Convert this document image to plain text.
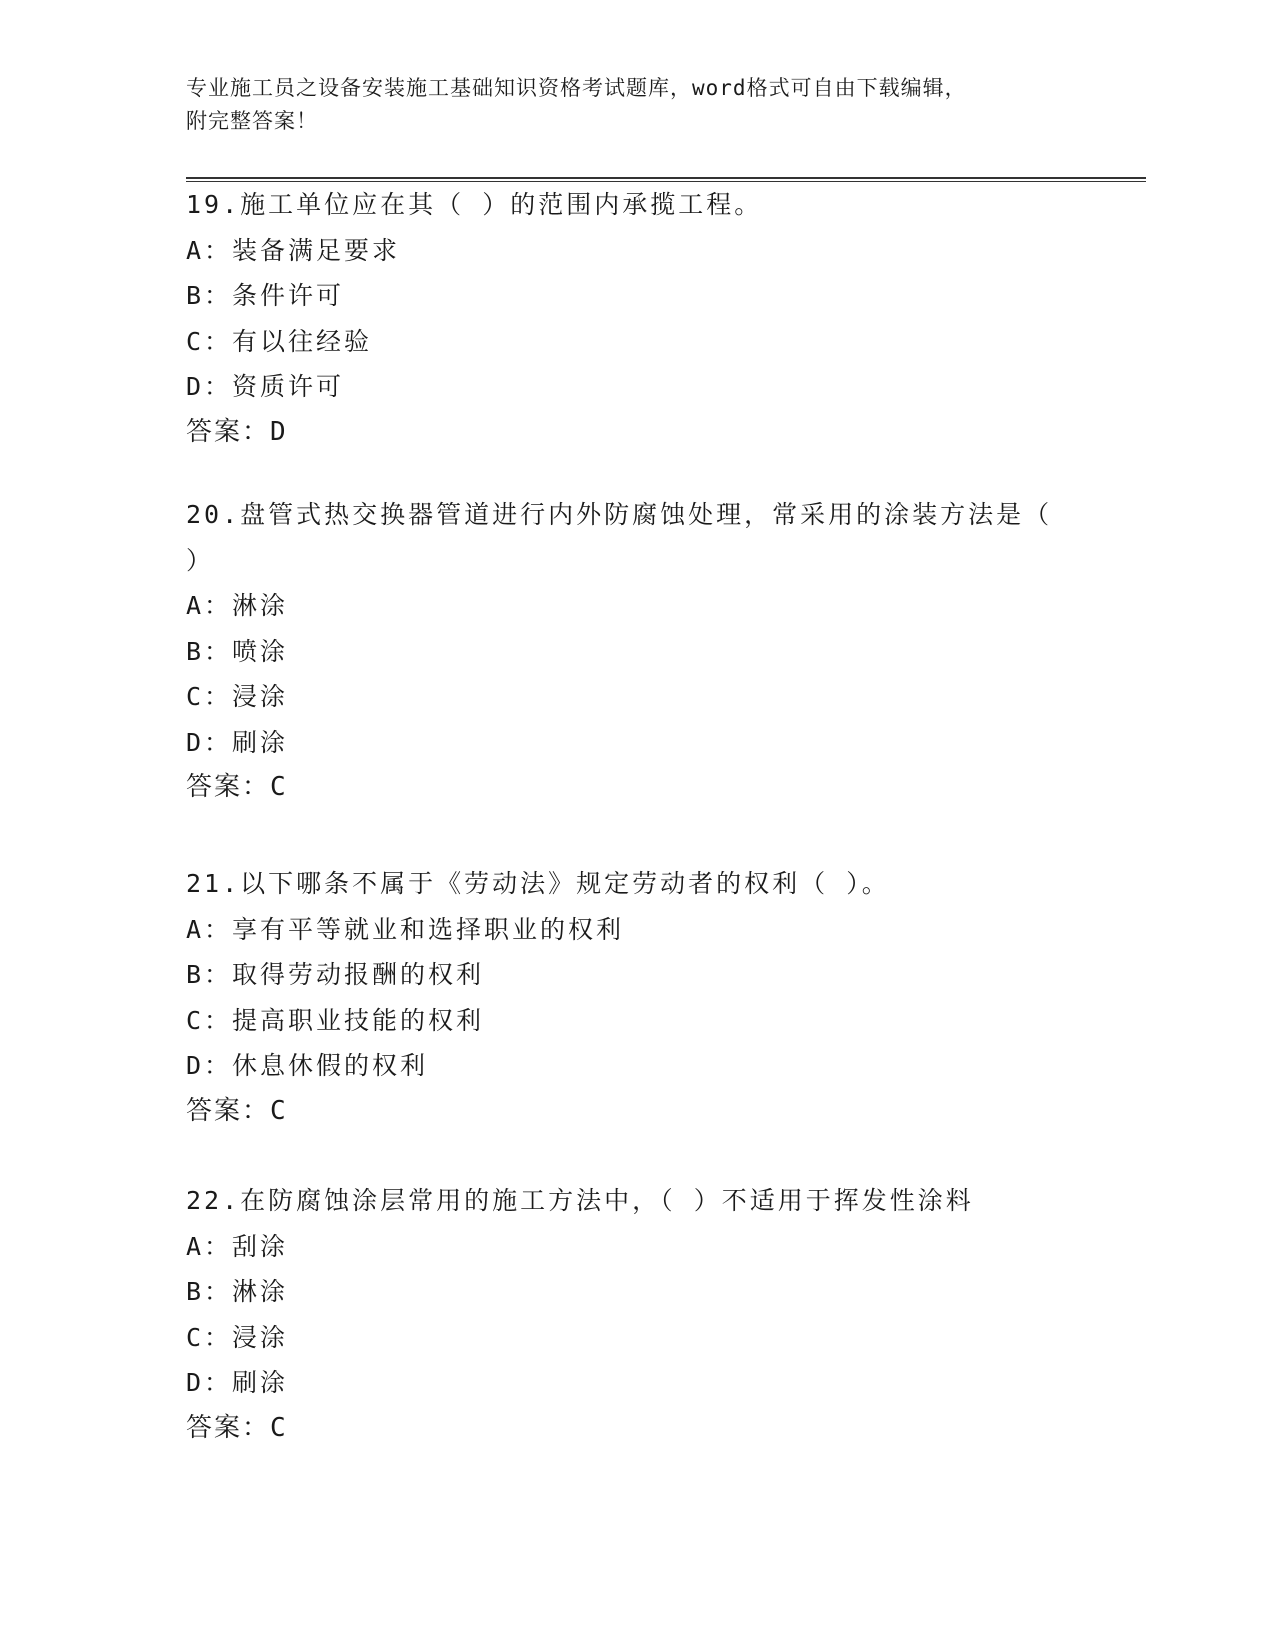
专业施工员之设备安装施工基础知识资格考试题库，word格式可自由下载编辑，
附完整答案！
19.施工单位应在其（ ）的范围内承揽工程。
A：装备满足要求
B：条件许可
C：有以往经验
D：资质许可
答案：D
20.盘管式热交换器管道进行内外防腐蚀处理，常采用的涂装方法是（
）
A：淋涂
B：喷涂
C：浸涂
D：刷涂
答案：C
21.以下哪条不属于《劳动法》规定劳动者的权利（ ）。
A：享有平等就业和选择职业的权利
B：取得劳动报酬的权利
C：提高职业技能的权利
D：休息休假的权利
答案：C
22.在防腐蚀涂层常用的施工方法中，（ ）不适用于挥发性涂料
A：刮涂
B：淋涂
C：浸涂
D：刷涂
答案：C
